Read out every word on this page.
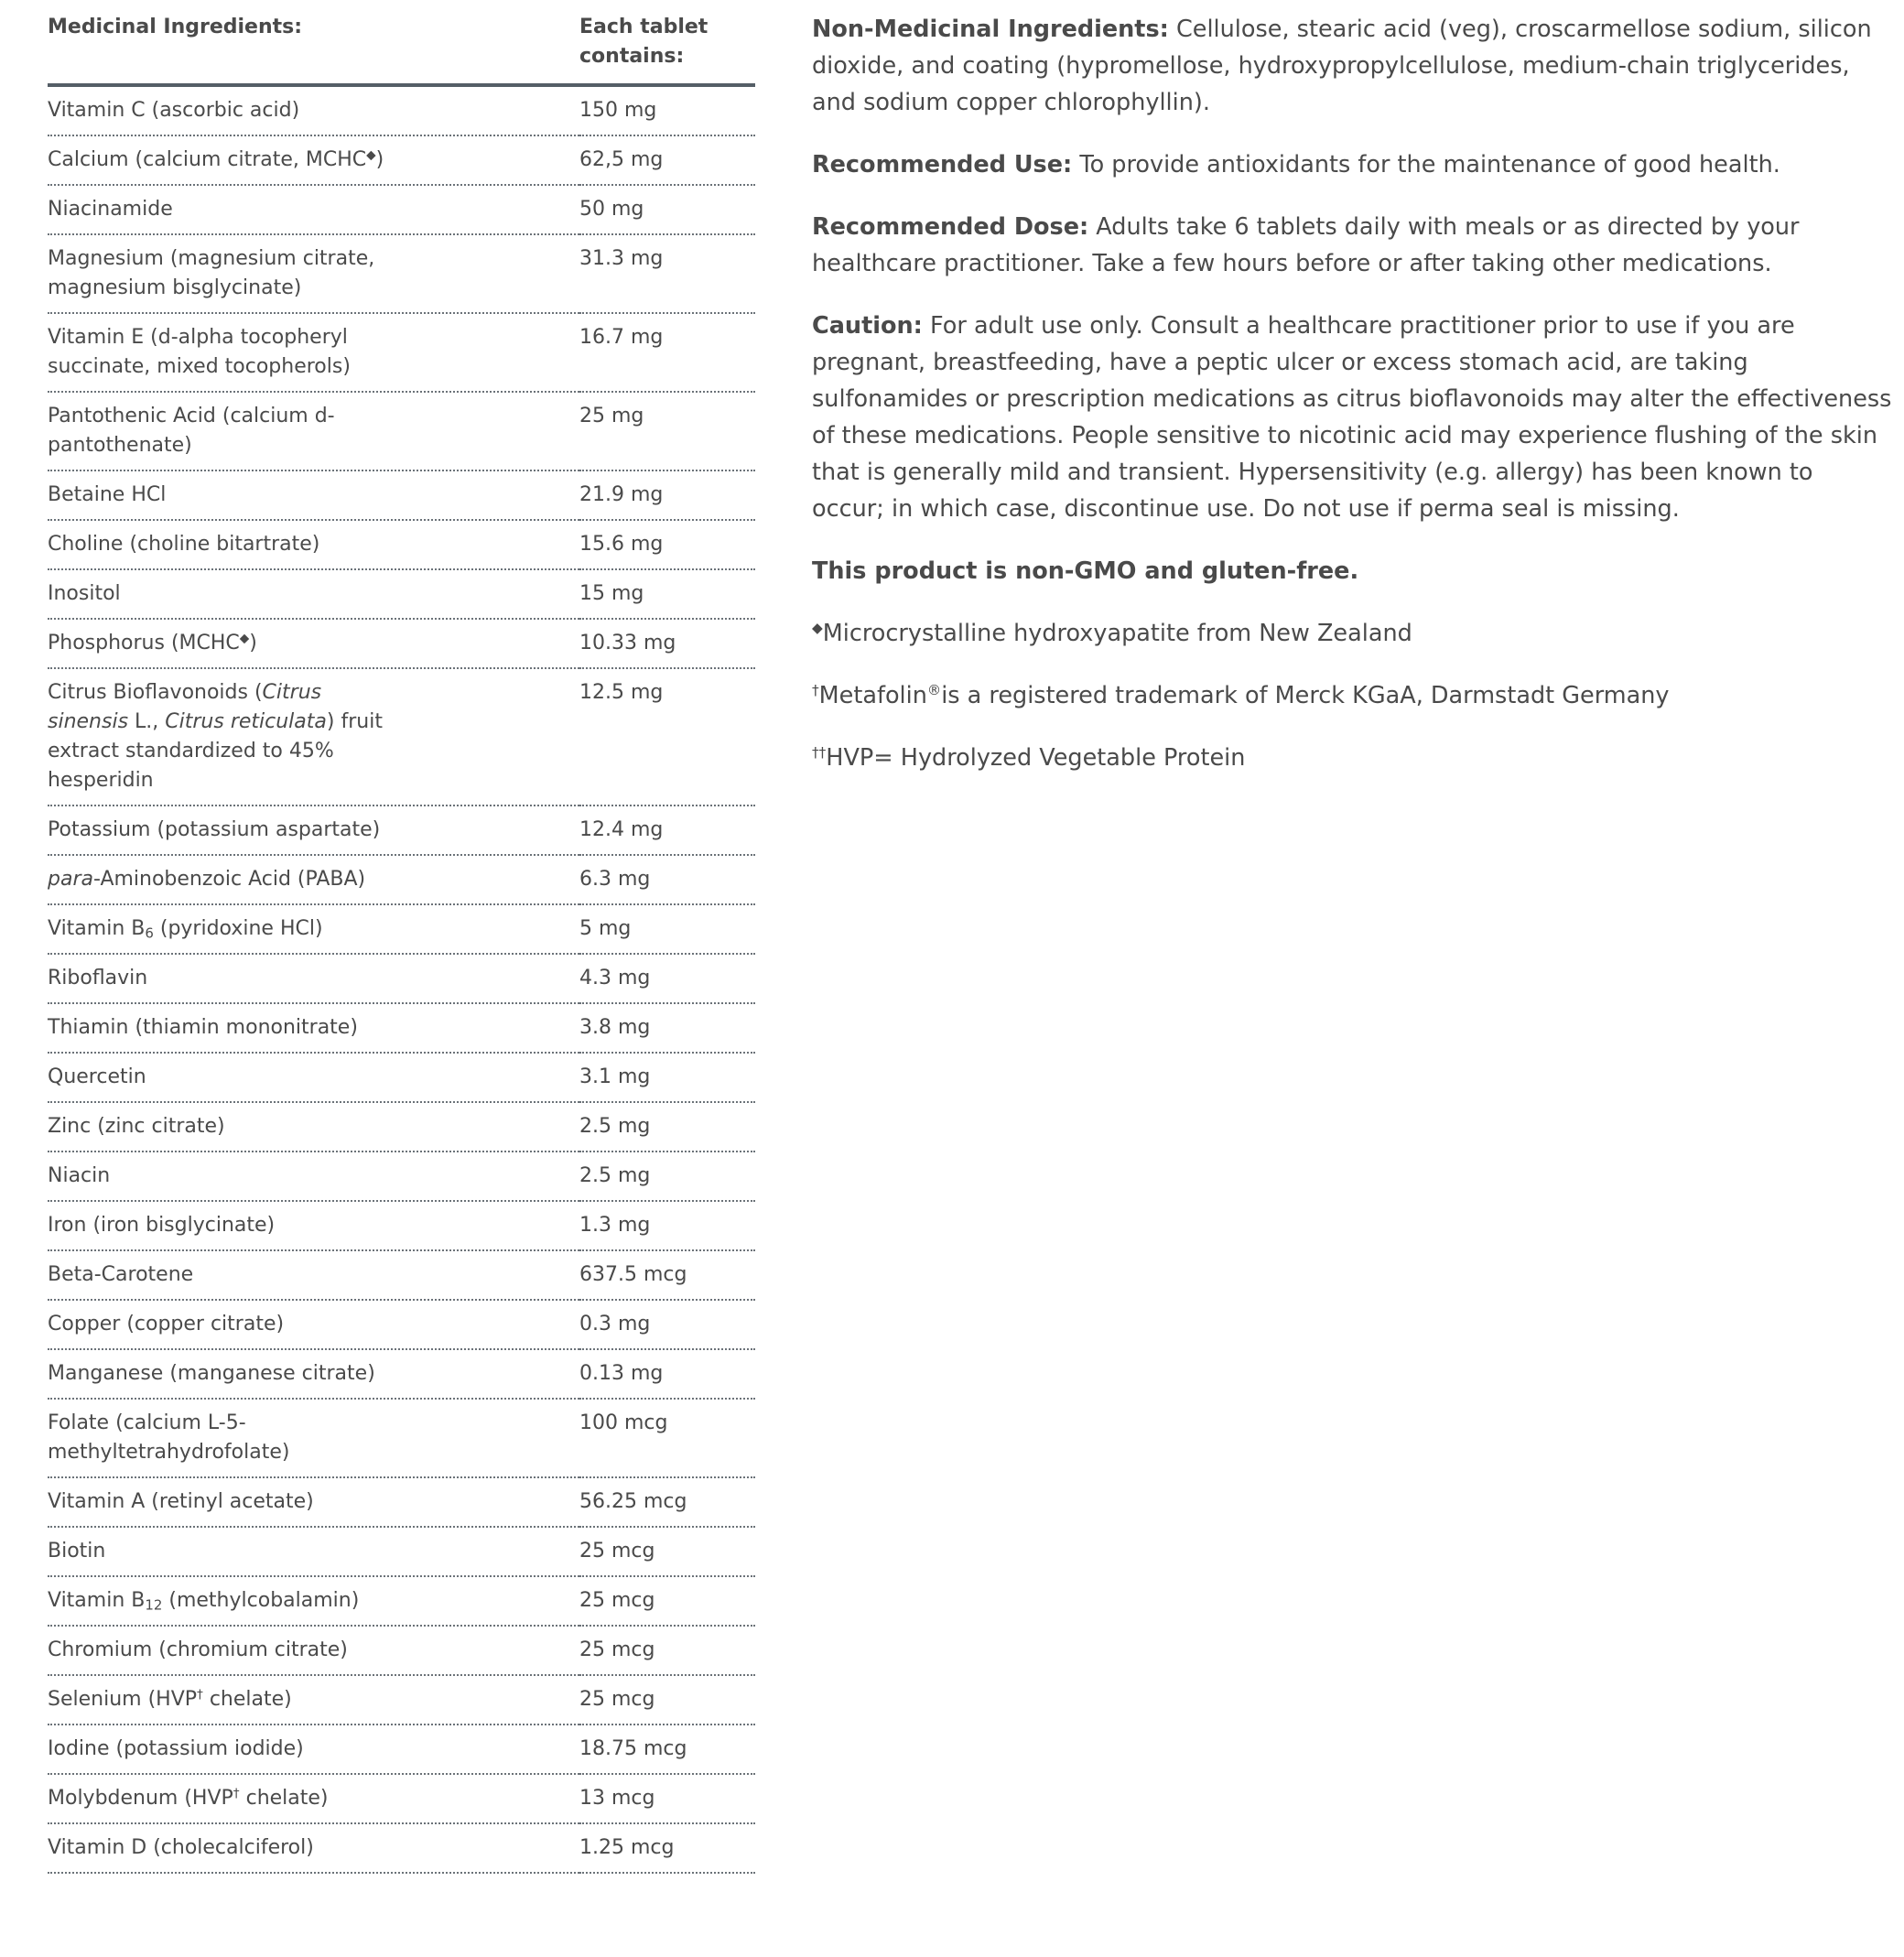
Medicinal Ingredients:	Each tablet contains:
Vitamin C (ascorbic acid)	150 mg
Calcium (calcium citrate, MCHC◆)	62,5 mg
Niacinamide	50 mg
Magnesium (magnesium citrate, magnesium bisglycinate)	31.3 mg
Vitamin E (d-alpha tocopheryl succinate, mixed tocopherols)	16.7 mg
Pantothenic Acid (calcium d-pantothenate)	25 mg
Betaine HCl	21.9 mg
Choline (choline bitartrate)	15.6 mg
Inositol	15 mg
Phosphorus (MCHC◆)	10.33 mg
Citrus Bioflavonoids (Citrus sinensis L., Citrus reticulata) fruit extract standardized to 45% hesperidin	12.5 mg
Potassium (potassium aspartate)	12.4 mg
para-Aminobenzoic Acid (PABA)	6.3 mg
Vitamin $B_6$ (pyridoxine HCl)	5 mg
Riboflavin	4.3 mg
Thiamin (thiamin mononitrate)	3.8 mg
Quercetin	3.1 mg
Zinc (zinc citrate)	2.5 mg
Niacin	2.5 mg
Iron (iron bisglycinate)	1.3 mg
Beta-Carotene	637.5 mcg
Copper (copper citrate)	0.3 mg
Manganese (manganese citrate)	0.13 mg
Folate (calcium L-5-methyltetrahydrofolate)	100 mcg
Vitamin A (retinyl acetate)	56.25 mcg
Biotin	25 mcg
Vitamin $B_{12}$ (methylcobalamin)	25 mcg
Chromium (chromium citrate)	25 mcg
Selenium (HVP† chelate)	25 mcg
Iodine (potassium iodide)	18.75 mcg
Molybdenum (HVP† chelate)	13 mcg
Vitamin D (cholecalciferol)	1.25 mcg

Non-Medicinal Ingredients: Cellulose, stearic acid (veg), croscarmellose sodium, silicon dioxide, and coating (hypromellose, hydroxypropylcellulose, medium-chain triglycerides, and sodium copper chlorophyllin).

Recommended Use: To provide antioxidants for the maintenance of good health.

Recommended Dose: Adults take 6 tablets daily with meals or as directed by your healthcare practitioner. Take a few hours before or after taking other medications.

Caution: For adult use only. Consult a healthcare practitioner prior to use if you are pregnant, breastfeeding, have a peptic ulcer or excess stomach acid, are taking sulfonamides or prescription medications as citrus bioflavonoids may alter the effectiveness of these medications. People sensitive to nicotinic acid may experience flushing of the skin that is generally mild and transient. Hypersensitivity (e.g. allergy) has been known to occur; in which case, discontinue use. Do not use if perma seal is missing.

This product is non-GMO and gluten-free.

◆Microcrystalline hydroxyapatite from New Zealand

†Metafolin®is a registered trademark of Merck KGaA, Darmstadt Germany

††HVP= Hydrolyzed Vegetable Protein
